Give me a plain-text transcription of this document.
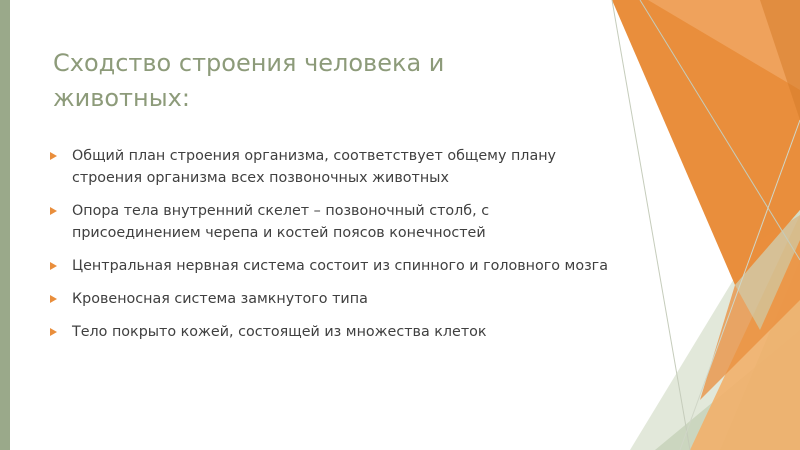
Сходство строения человека и животных:
Общий план строения организма, соответствует общему плану строения организма всех позвоночных животных
Опора тела внутренний скелет – позвоночный столб, с присоединением черепа и костей поясов конечностей
Центральная нервная система состоит из спинного и головного мозга
Кровеносная система замкнутого типа
Тело покрыто кожей, состоящей из множества клеток
